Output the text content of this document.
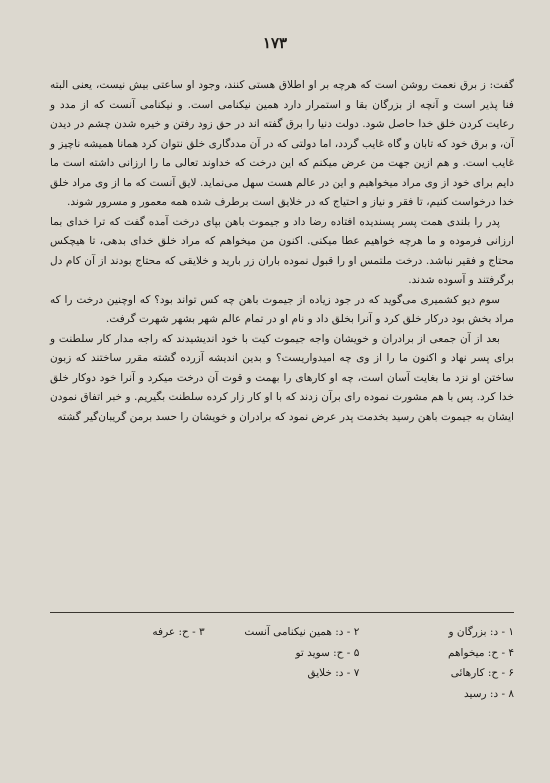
۱۷۳

گفت: ز برق نعمت روشن است که هرچه بر او اطلاق هستی کنند، وجود او ساعتی بیش نیست، یعنی البته فنا پذیر است و آنچه از بزرگان بقا و استمرار دارد همین نیکنامی است. و نیکنامی آنست که از مدد و رعایت کردن خلق خدا حاصل شود. دولت دنیا را برق گفته اند در حق زود رفتن و خیره شدن چشم در دیدن آن، و برق خود که تابان و گاه غایب گردد، اما دولتی که در آن مددگاری خلق نتوان کرد همانا همیشه ناچیز و غایب است. و هم ازین جهت من عرض میکنم که این درخت که خداوند تعالی ما را ارزانی داشته است ما دایم برای خود از وی مراد میخواهیم و این در عالم هست سهل می‌نماید. لایق آنست که ما از وی مراد خلق خدا درخواست کنیم، تا فقر و نیاز و احتیاج که در خلایق است برطرف شده همه معمور و مسرور شوند.

پدر را بلندی همت پسر پسندیده افتاده رضا داد و جیموت باهن بپای درخت آمده گفت که ترا خدای بما ارزانی فرموده و ما هرچه خواهیم عطا میکنی. اکنون من میخواهم که مراد خلق خدای بدهی، تا هیچکس محتاج و فقیر نباشد. درخت ملتمس او را قبول نموده باران زر بارید و خلایقی که محتاج بودند از آن کام دل برگرفتند و آسوده شدند.

سوم دیو کشمیری می‌گوید که در جود زیاده از جیموت باهن چه کس تواند بود؟ که اوچنین درخت را که مراد بخش بود درکار خلق کرد و آنرا بخلق داد و نام او در تمام عالم شهر بشهر شهرت گرفت.

بعد از آن جمعی از برادران و خویشان واجه جیموت کیت با خود اندیشیدند که راجه مدار کار سلطنت و برای پسر نهاد و اکنون ما را از وی چه امیدواریست؟ و بدین اندیشه آزرده گشته مقرر ساختند که زبون ساختن او نزد ما بغایت آسان است، چه او کارهای را بهمت و قوت آن درخت میکرد و آنرا خود دوکار خلق خدا کرد. پس با هم مشورت نموده رای برآن زدند که با او کار زار کرده سلطنت بگیریم. و خبر اتفاق نمودن ایشان به جیموت باهن رسید بخدمت پدر عرض نمود که برادران و خویشان را حسد برمن گریبان‌گیر گشته

۱ - د: بزرگان و
۲ - د: همین نیکنامی آنست
۳ - ح: عرفه
۴ - ح: میخواهم
۵ - ح: سوید تو
۶ - ح: کارهائی
۷ - د: خلایق
۸ - د: رسید
